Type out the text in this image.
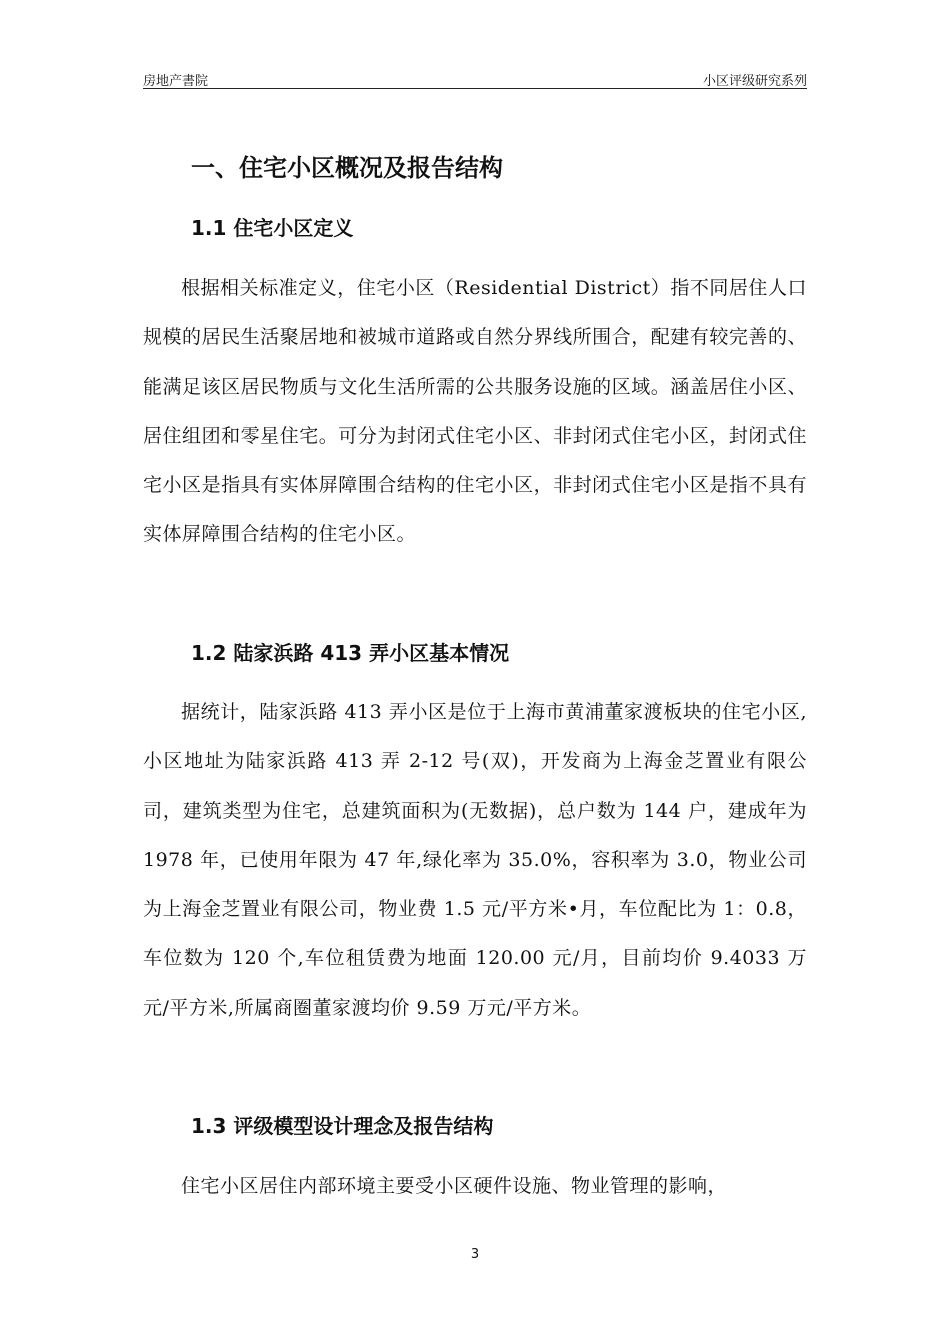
房地产書院	小区评级研究系列
一、住宅小区概况及报告结构
1.1 住宅小区定义

根据相关标准定义，住宅小区（Residential District）指不同居住人口规模的居民生活聚居地和被城市道路或自然分界线所围合，配建有较完善的、能满足该区居民物质与文化生活所需的公共服务设施的区域。涵盖居住小区、居住组团和零星住宅。可分为封闭式住宅小区、非封闭式住宅小区，封闭式住宅小区是指具有实体屏障围合结构的住宅小区，非封闭式住宅小区是指不具有实体屏障围合结构的住宅小区。

1.2 陆家浜路 413 弄小区基本情况

据统计，陆家浜路 413 弄小区是位于上海市黄浦董家渡板块的住宅小区,小区地址为陆家浜路 413 弄 2-12 号(双)，开发商为上海金芝置业有限公司，建筑类型为住宅，总建筑面积为(无数据)，总户数为 144 户，建成年为 1978 年，已使用年限为 47 年,绿化率为 35.0%，容积率为 3.0，物业公司为上海金芝置业有限公司，物业费 1.5 元/平方米•月，车位配比为 1：0.8，车位数为 120 个,车位租赁费为地面 120.00 元/月，目前均价 9.4033 万元/平方米,所属商圈董家渡均价 9.59 万元/平方米。

1.3 评级模型设计理念及报告结构

住宅小区居住内部环境主要受小区硬件设施、物业管理的影响，

3
